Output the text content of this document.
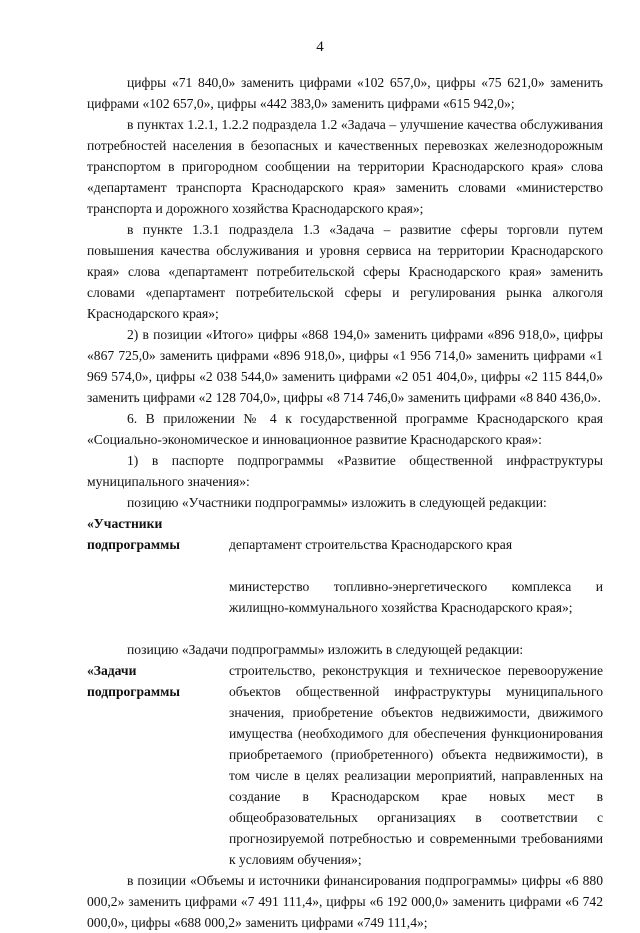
4

цифры «71 840,0» заменить цифрами «102 657,0», цифры «75 621,0» заменить цифрами «102 657,0», цифры «442 383,0» заменить цифрами «615 942,0»;

в пунктах 1.2.1, 1.2.2 подраздела 1.2 «Задача – улучшение качества обслуживания потребностей населения в безопасных и качественных перевозках железнодорожным транспортом в пригородном сообщении на территории Краснодарского края» слова «департамент транспорта Краснодарского края» заменить словами «министерство транспорта и дорожного хозяйства Краснодарского края»;

в пункте 1.3.1 подраздела 1.3 «Задача – развитие сферы торговли путем повышения качества обслуживания и уровня сервиса на территории Краснодарского края» слова «департамент потребительской сферы Краснодарского края» заменить словами «департамент потребительской сферы и регулирования рынка алкоголя Краснодарского края»;

2) в позиции «Итого» цифры «868 194,0» заменить цифрами «896 918,0», цифры «867 725,0» заменить цифрами «896 918,0», цифры «1 956 714,0» заменить цифрами «1 969 574,0», цифры «2 038 544,0» заменить цифрами «2 051 404,0», цифры «2 115 844,0» заменить цифрами «2 128 704,0», цифры «8 714 746,0» заменить цифрами «8 840 436,0».

6. В приложении № 4 к государственной программе Краснодарского края «Социально-экономическое и инновационное развитие Краснодарского края»:

1) в паспорте подпрограммы «Развитие общественной инфраструктуры муниципального значения»:

позицию «Участники подпрограммы» изложить в следующей редакции:

«Участники
подпрограммы	департамент строительства Краснодарского края

министерство топливно-энергетического комплекса и жилищно-коммунального хозяйства Краснодарского края»;

позицию «Задачи подпрограммы» изложить в следующей редакции:

«Задачи
подпрограммы
строительство, реконструкция и техническое перевооружение объектов общественной инфраструктуры муниципального значения, приобретение объектов недвижимости, движимого имущества (необходимого для обеспечения функционирования приобретаемого (приобретенного) объекта недвижимости), в том числе в целях реализации мероприятий, направленных на создание в Краснодарском крае новых мест в общеобразовательных организациях в соответствии с прогнозируемой потребностью и современными требованиями к условиям обучения»;

в позиции «Объемы и источники финансирования подпрограммы» цифры «6 880 000,2» заменить цифрами «7 491 111,4», цифры «6 192 000,0» заменить цифрами «6 742 000,0», цифры «688 000,2» заменить цифрами «749 111,4»;
